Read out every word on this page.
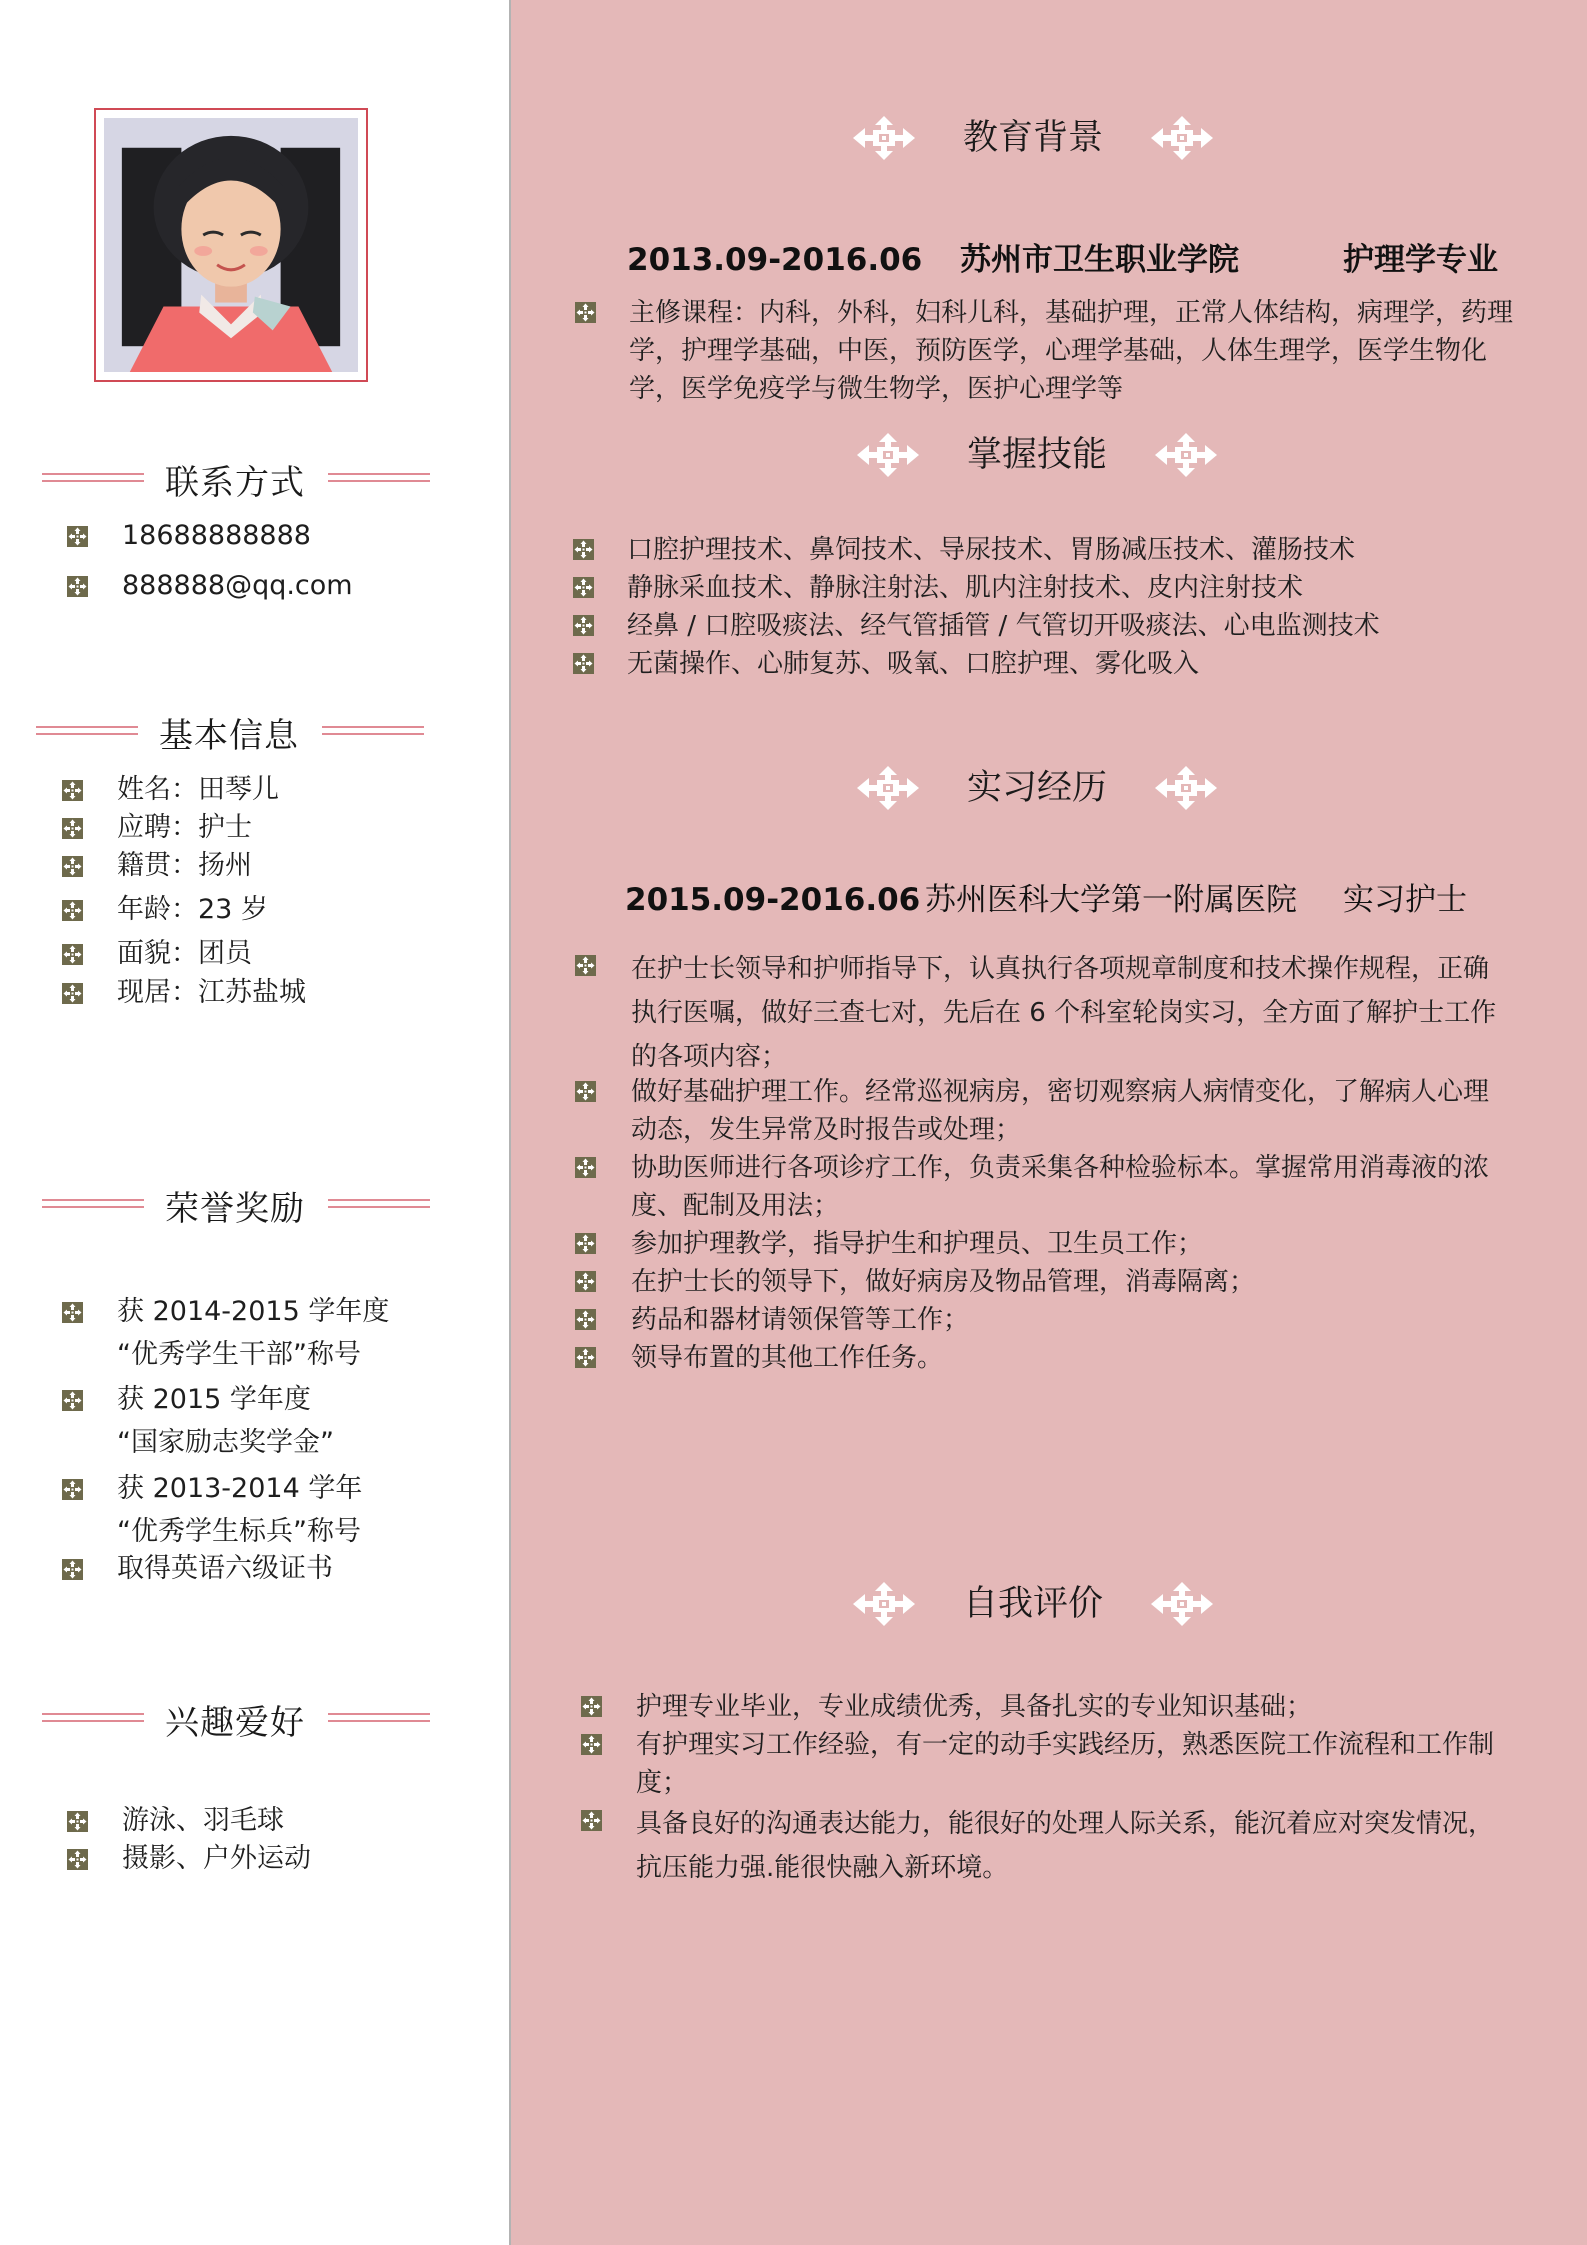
联系方式
18688888888
888888@qq.com
基本信息
姓名：田琴儿
应聘：护士
籍贯：扬州
年龄：23 岁
面貌：团员
现居：江苏盐城
荣誉奖励
获 2014-2015 学年度
“优秀学生干部”称号
获 2015 学年度
“国家励志奖学金”
获 2013-2014 学年
“优秀学生标兵”称号
取得英语六级证书
兴趣爱好
游泳、羽毛球
摄影、户外运动
教育背景
2013.09-2016.06 苏州市卫生职业学院	护理学专业
主修课程：内科，外科，妇科儿科，基础护理，正常人体结构，病理学，药理学，护理学基础，中医，预防医学，心理学基础，人体生理学，医学生物化学，医学免疫学与微生物学，医护心理学等
掌握技能
口腔护理技术、鼻饲技术、导尿技术、胃肠减压技术、灌肠技术
静脉采血技术、静脉注射法、肌内注射技术、皮内注射技术
经鼻 / 口腔吸痰法、经气管插管 / 气管切开吸痰法、心电监测技术
无菌操作、心肺复苏、吸氧、口腔护理、雾化吸入
实习经历
2015.09-2016.06 苏州医科大学第一附属医院 实习护士
在护士长领导和护师指导下，认真执行各项规章制度和技术操作规程，正确执行医嘱，做好三查七对，先后在 6 个科室轮岗实习，全方面了解护士工作的各项内容；
做好基础护理工作。经常巡视病房，密切观察病人病情变化，了解病人心理动态，发生异常及时报告或处理；
协助医师进行各项诊疗工作，负责采集各种检验标本。掌握常用消毒液的浓度、配制及用法；
参加护理教学，指导护生和护理员、卫生员工作；
在护士长的领导下，做好病房及物品管理，消毒隔离；
药品和器材请领保管等工作；
领导布置的其他工作任务。
自我评价
护理专业毕业，专业成绩优秀，具备扎实的专业知识基础；
有护理实习工作经验，有一定的动手实践经历，熟悉医院工作流程和工作制度；
具备良好的沟通表达能力，能很好的处理人际关系，能沉着应对突发情况，抗压能力强.能很快融入新环境。
